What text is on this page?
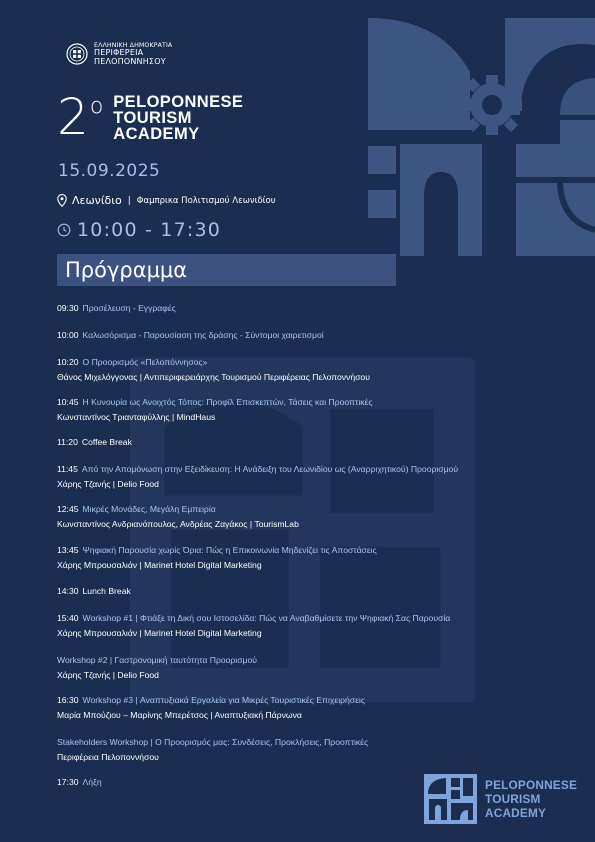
ΕΛΛΗΝΙΚΗ ΔΗΜΟΚΡΑΤΙΑ
ΠΕΡΙΦΕΡΕΙΑ
ΠΕΛΟΠΟΝΝΗΣΟΥ
2 ο PELOPONNESE
TOURISM
ACADEMY
15.09.2025
Λεωνίδιο | Φαμπρικα Πολιτισμού Λεωνιδίου
10:00 - 17:30
Πρόγραμμα
09:30 Προσέλευση - Εγγραφές
10:00 Καλωσόρισμα - Παρουσίαση της δράσης - Σύντομοι χαιρετισμοί
10:20 Ο Προορισμός «Πελοπόννησος»
Θάνος Μιχελόγγονας | Αντιπεριφερειάρχης Τουρισμού Περιφέρειας Πελοποννήσου
10:45 Η Κυνουρία ως Ανοιχτός Τόπος: Προφίλ Επισκεπτών, Τάσεις και Προοπτικές
Κωνσταντίνος Τριανταφύλλης | MindHaus
11:20 Coffee Break
11:45 Από την Απομόνωση στην Εξειδίκευση: Η Ανάδειξη του Λεωνιδίου ως (Αναρριχητικού) Προορισμού
Χάρης Τζανής | Delio Food
12:45 Μικρές Μονάδες, Μεγάλη Εμπειρία
Κωνσταντίνος Ανδριανόπουλος, Ανδρέας Ζαγάκος | TourismLab
13:45 Ψηφιακή Παρουσία χωρίς Όρια: Πώς η Επικοινωνία Μηδενίζει τις Αποστάσεις
Χάρης Μπρουσαλιάν | Marinet Hotel Digital Marketing
14:30 Lunch Break
15:40 Workshop #1 | Φτιάξε τη Δική σου Ιστοσελίδα: Πώς να Αναβαθμίσετε την Ψηφιακή Σας Παρουσία
Χάρης Μπρουσαλιάν | Marinet Hotel Digital Marketing
Workshop #2 | Γαστρονομική ταυτότητα Προορισμού
Χάρης Τζανής | Delio Food
16:30 Workshop #3 | Αναπτυξιακά Εργαλεία για Μικρές Τουριστικές Επιχειρήσεις
Μαρία Μπούζιου – Μαρίνης Μπερέτσος | Αναπτυξιακή Πάρνωνα
Stakeholders Workshop | Ο Προορισμός μας: Συνδέσεις, Προκλήσεις, Προοπτικές
Περιφέρεια Πελοποννήσου
17:30 Λήξη	PELOPONNESE
TOURISM
ACADEMY
